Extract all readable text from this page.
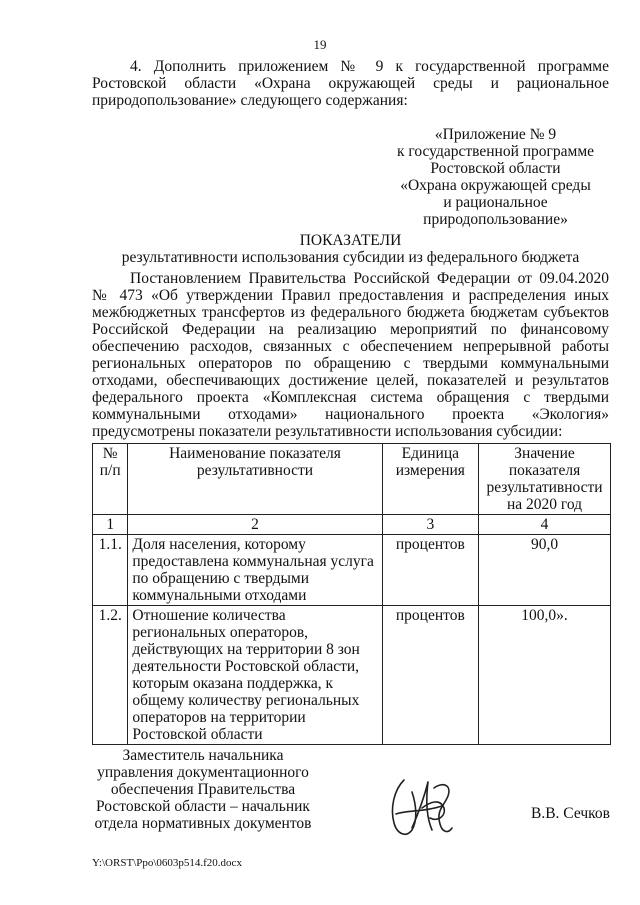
19
4. Дополнить приложением № 9 к государственной программе Ростовской области «Охрана окружающей среды и рациональное природопользование» следующего содержания:
«Приложение № 9
к государственной программе
Ростовской области
«Охрана окружающей среды
и рациональное
природопользование»
ПОКАЗАТЕЛИ
результативности использования субсидии из федерального бюджета
Постановлением Правительства Российской Федерации от 09.04.2020 № 473 «Об утверждении Правил предоставления и распределения иных межбюджетных трансфертов из федерального бюджета бюджетам субъектов Российской Федерации на реализацию мероприятий по финансовому обеспечению расходов, связанных с обеспечением непрерывной работы региональных операторов по обращению с твердыми коммунальными отходами, обеспечивающих достижение целей, показателей и результатов федерального проекта «Комплексная система обращения с твердыми коммунальными отходами» национального проекта «Экология» предусмотрены показатели результативности использования субсидии:
№ п/п	Наименование показателя результативности	Единица измерения	Значение показателя результативности на 2020 год
1	2	3	4
1.1.	Доля населения, которому предоставлена коммунальная услуга по обращению с твердыми коммунальными отходами	процентов	90,0
1.2.	Отношение количества региональных операторов, действующих на территории 8 зон деятельности Ростовской области, которым оказана поддержка, к общему количеству региональных операторов на территории Ростовской области	процентов	100,0».
Заместитель начальника
управления документационного
обеспечения Правительства
Ростовской области – начальник
отдела нормативных документов
В.В. Сечков
Y:\ORST\Ppo\0603p514.f20.docx
